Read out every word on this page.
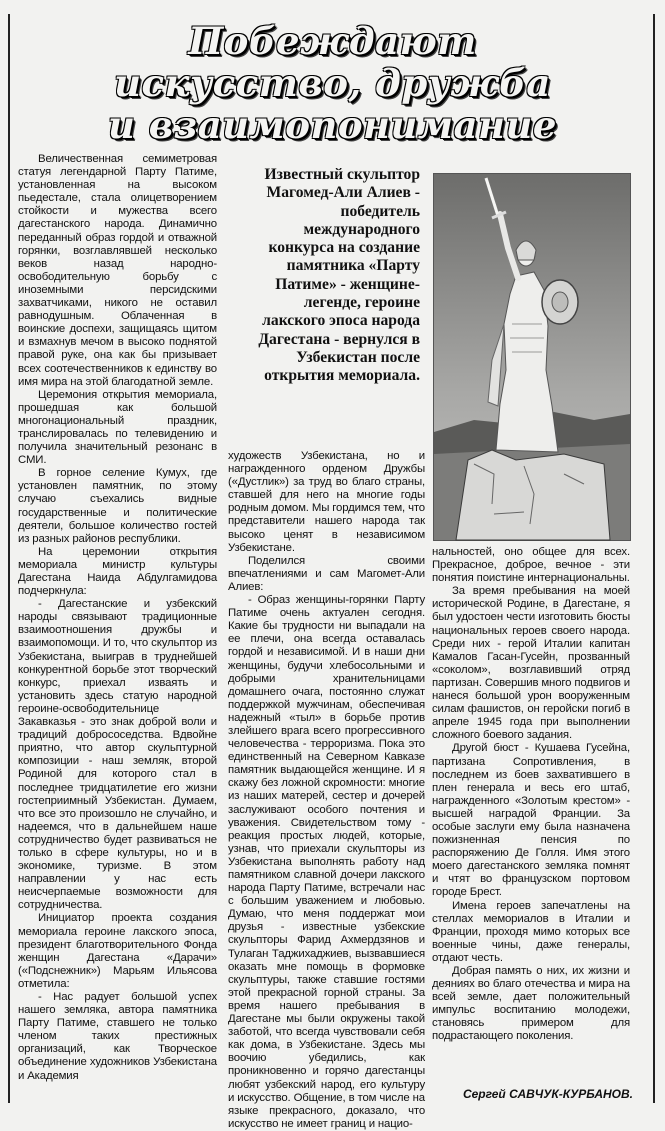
Побеждают
искусство, дружба
и взаимопонимание

Величественная семиметровая статуя легендарной Парту Патиме, установленная на высоком пьедестале, стала олицетворением стойкости и мужества всего дагестанского народа. Динамично переданный образ гордой и отважной горянки, возглавлявшей несколько веков назад народно-освободительную борьбу с иноземными персидскими захватчиками, никого не оставил равнодушным. Облаченная в воинские доспехи, защищаясь щитом и взмахнув мечом в высоко поднятой правой руке, она как бы призывает всех соотечественников к единству во имя мира на этой благодатной земле.

Церемония открытия мемориала, прошедшая как большой многонациональный праздник, транслировалась по телевидению и получила значительный резонанс в СМИ.

В горное селение Кумух, где установлен памятник, по этому случаю съехались видные государственные и политические деятели, большое количество гостей из разных районов республики.

На церемонии открытия мемориала министр культуры Дагестана Наида Абдулгамидова подчеркнула:

- Дагестанские и узбекский народы связывают традиционные взаимоотношения дружбы и взаимопомощи. И то, что скульптор из Узбекистана, выиграв в труднейшей конкурентной борьбе этот творческий конкурс, приехал изваять и установить здесь статую народной героине-освободительнице Закавказья - это знак доброй воли и традиций добрососедства. Вдвойне приятно, что автор скульптурной композиции - наш земляк, второй Родиной для которого стал в последнее тридцатилетие его жизни гостеприимный Узбекистан. Думаем, что все это произошло не случайно, и надеемся, что в дальнейшем наше сотрудничество будет развиваться не только в сфере культуры, но и в экономике, туризме. В этом направлении у нас есть неисчерпаемые возможности для сотрудничества.

Инициатор проекта создания мемориала героине лакского эпоса, президент благотворительного Фонда женщин Дагестана «Дарачи» («Подснежник») Марьям Ильясова отметила:

- Нас радует большой успех нашего земляка, автора памятника Парту Патиме, ставшего не только членом таких престижных организаций, как Творческое объединение художников Узбекистана и Академия

Известный скульптор Магомед-Али Алиев - победитель международного конкурса на создание памятника «Парту Патиме» - женщине-легенде, героине лакского эпоса народа Дагестана - вернулся в Узбекистан после открытия мемориала.

художеств Узбекистана, но и награжденного орденом Дружбы («Дустлик») за труд во благо страны, ставшей для него на многие годы родным домом. Мы гордимся тем, что представители нашего народа так высоко ценят в независимом Узбекистане.

Поделился своими впечатлениями и сам Магомет-Али Алиев:

- Образ женщины-горянки Парту Патиме очень актуален сегодня. Какие бы трудности ни выпадали на ее плечи, она всегда оставалась гордой и независимой. И в наши дни женщины, будучи хлебосольными и добрыми хранительницами домашнего очага, постоянно служат поддержкой мужчинам, обеспечивая надежный «тыл» в борьбе против злейшего врага всего прогрессивного человечества - терроризма. Пока это единственный на Северном Кавказе памятник выдающейся женщине. И я скажу без ложной скромности: многие из наших матерей, сестер и дочерей заслуживают особого почтения и уважения. Свидетельством тому - реакция простых людей, которые, узнав, что приехали скульпторы из Узбекистана выполнять работу над памятником славной дочери лакского народа Парту Патиме, встречали нас с большим уважением и любовью. Думаю, что меня поддержат мои друзья - известные узбекские скульпторы Фарид Ахмердзянов и Тулаган Таджихаджиев, вызвавшиеся оказать мне помощь в формовке скульптуры, также ставшие гостями этой прекрасной горной страны. За время нашего пребывания в Дагестане мы были окружены такой заботой, что всегда чувствовали себя как дома, в Узбекистане. Здесь мы воочию убедились, как проникновенно и горячо дагестанцы любят узбекский народ, его культуру и искусство. Общение, в том числе на языке прекрасного, доказало, что искусство не имеет границ и нацио-

нальностей, оно общее для всех. Прекрасное, доброе, вечное - эти понятия поистине интернациональны.

За время пребывания на моей исторической Родине, в Дагестане, я был удостоен чести изготовить бюсты национальных героев своего народа. Среди них - герой Италии капитан Камалов Гасан-Гусейн, прозванный «соколом», возглавивший отряд партизан. Совершив много подвигов и нанеся большой урон вооруженным силам фашистов, он геройски погиб в апреле 1945 года при выполнении сложного боевого задания.

Другой бюст - Кушаева Гусейна, партизана Сопротивления, в последнем из боев захватившего в плен генерала и весь его штаб, награжденного «Золотым крестом» - высшей наградой Франции. За особые заслуги ему была назначена пожизненная пенсия по распоряжению Де Голля. Имя этого моего дагестанского земляка помнят и чтят во французском портовом городе Брест.

Имена героев запечатлены на стеллах мемориалов в Италии и Франции, проходя мимо которых все военные чины, даже генералы, отдают честь.

Добрая память о них, их жизни и деяниях во благо отечества и мира на всей земле, дает положительный импульс воспитанию молодежи, становясь примером для подрастающего поколения.

Сергей САВЧУК-КУРБАНОВ.
